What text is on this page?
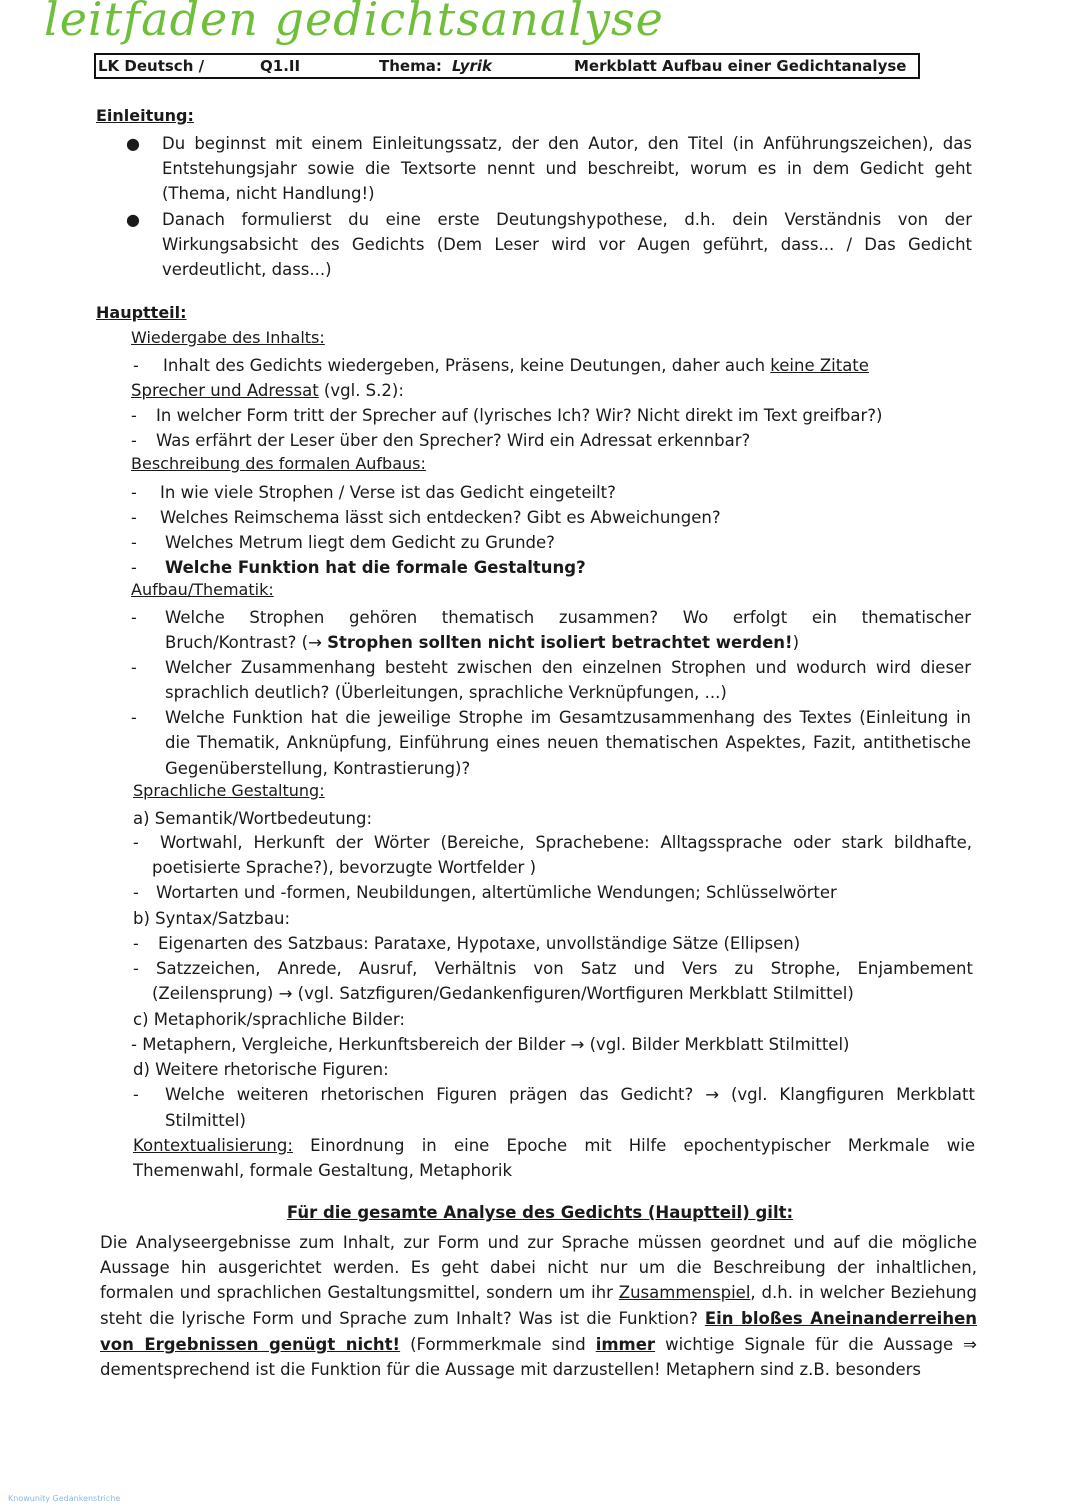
leitfaden gedichtsanalyse
LK Deutsch /	Q1.II	Thema: Lyrik	Merkblatt Aufbau einer Gedichtanalyse
Einleitung:
● Du beginnst mit einem Einleitungssatz, der den Autor, den Titel (in Anführungszeichen), das
Entstehungsjahr sowie die Textsorte nennt und beschreibt, worum es in dem Gedicht geht
(Thema, nicht Handlung!)
● Danach formulierst du eine erste Deutungshypothese, d.h. dein Verständnis von der
Wirkungsabsicht des Gedichts (Dem Leser wird vor Augen geführt, dass... / Das Gedicht
verdeutlicht, dass...)
Hauptteil:
Wiedergabe des Inhalts:
- Inhalt des Gedichts wiedergeben, Präsens, keine Deutungen, daher auch keine Zitate
Sprecher und Adressat (vgl. S.2):
- In welcher Form tritt der Sprecher auf (lyrisches Ich? Wir? Nicht direkt im Text greifbar?)
- Was erfährt der Leser über den Sprecher? Wird ein Adressat erkennbar?
Beschreibung des formalen Aufbaus:
- In wie viele Strophen / Verse ist das Gedicht eingeteilt?
- Welches Reimschema lässt sich entdecken? Gibt es Abweichungen?
- Welches Metrum liegt dem Gedicht zu Grunde?
- Welche Funktion hat die formale Gestaltung?
Aufbau/Thematik:
- Welche Strophen gehören thematisch zusammen? Wo erfolgt ein thematischer
Bruch/Kontrast? (→ Strophen sollten nicht isoliert betrachtet werden!)
- Welcher Zusammenhang besteht zwischen den einzelnen Strophen und wodurch wird dieser
sprachlich deutlich? (Überleitungen, sprachliche Verknüpfungen, ...)
- Welche Funktion hat die jeweilige Strophe im Gesamtzusammenhang des Textes (Einleitung in
die Thematik, Anknüpfung, Einführung eines neuen thematischen Aspektes, Fazit, antithetische
Gegenüberstellung, Kontrastierung)?
Sprachliche Gestaltung:
a) Semantik/Wortbedeutung:
- Wortwahl, Herkunft der Wörter (Bereiche, Sprachebene: Alltagssprache oder stark bildhafte,
poetisierte Sprache?), bevorzugte Wortfelder )
- Wortarten und -formen, Neubildungen, altertümliche Wendungen; Schlüsselwörter
b) Syntax/Satzbau:
- Eigenarten des Satzbaus: Parataxe, Hypotaxe, unvollständige Sätze (Ellipsen)
- Satzzeichen, Anrede, Ausruf, Verhältnis von Satz und Vers zu Strophe, Enjambement
(Zeilensprung) → (vgl. Satzfiguren/Gedankenfiguren/Wortfiguren Merkblatt Stilmittel)
c) Metaphorik/sprachliche Bilder:
- Metaphern, Vergleiche, Herkunftsbereich der Bilder → (vgl. Bilder Merkblatt Stilmittel)
d) Weitere rhetorische Figuren:
- Welche weiteren rhetorischen Figuren prägen das Gedicht? → (vgl. Klangfiguren Merkblatt
Stilmittel)
Kontextualisierung: Einordnung in eine Epoche mit Hilfe epochentypischer Merkmale wie
Themenwahl, formale Gestaltung, Metaphorik
Für die gesamte Analyse des Gedichts (Hauptteil) gilt:
Die Analyseergebnisse zum Inhalt, zur Form und zur Sprache müssen geordnet und auf die mögliche
Aussage hin ausgerichtet werden. Es geht dabei nicht nur um die Beschreibung der inhaltlichen,
formalen und sprachlichen Gestaltungsmittel, sondern um ihr Zusammenspiel, d.h. in welcher Beziehung
steht die lyrische Form und Sprache zum Inhalt? Was ist die Funktion? Ein bloßes Aneinanderreihen
von Ergebnissen genügt nicht! (Formmerkmale sind immer wichtige Signale für die Aussage ⇒
dementsprechend ist die Funktion für die Aussage mit darzustellen! Metaphern sind z.B. besonders
Knowunity Gedankenstriche
